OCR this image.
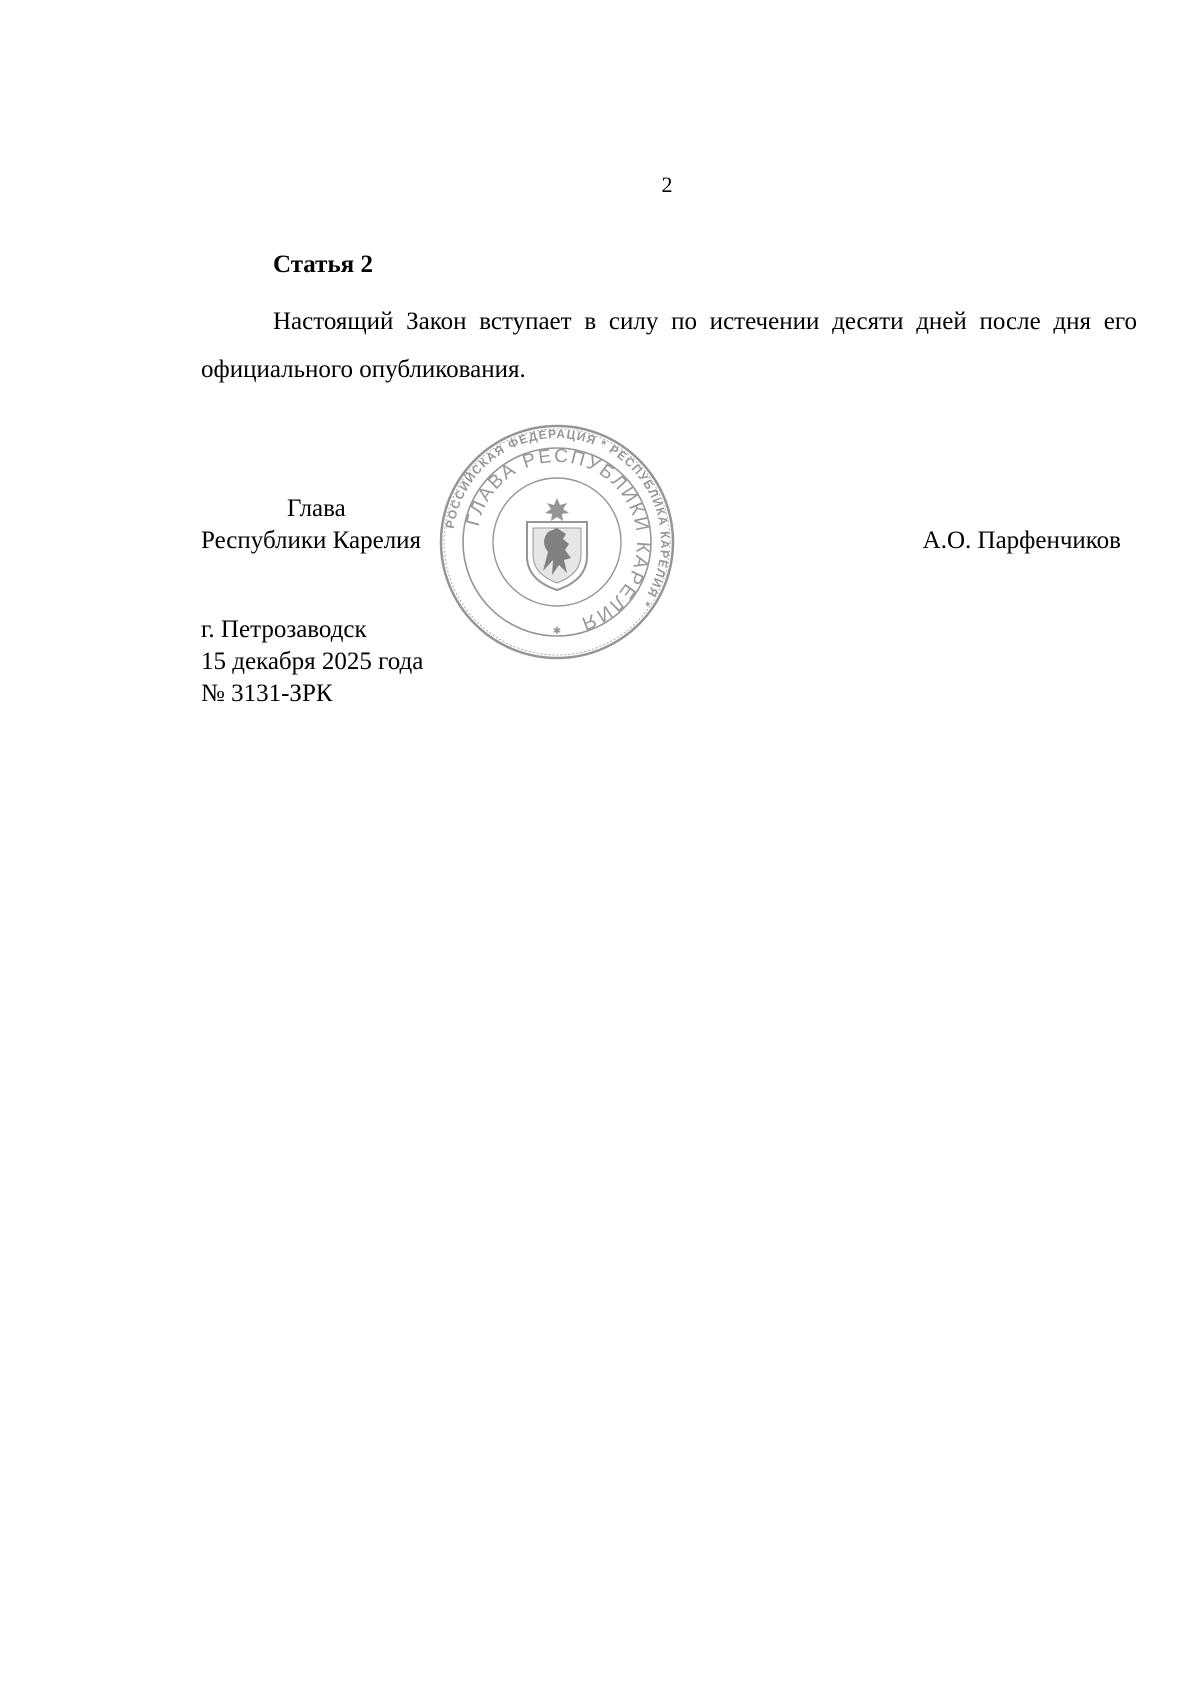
2
Статья 2
Настоящий Закон вступает в силу по истечении десяти дней после дня его официального опубликования.
Глава
Республики Карелия	А.О. Парфенчиков
г. Петрозаводск
15 декабря 2025 года
№ 3131-ЗРК
РОССИЙСКАЯ ФЕДЕРАЦИЯ * РЕСПУБЛИКА КАРЕЛИЯ *
ГЛАВА РЕСПУБЛИКИ КАРЕЛИЯ
✱
